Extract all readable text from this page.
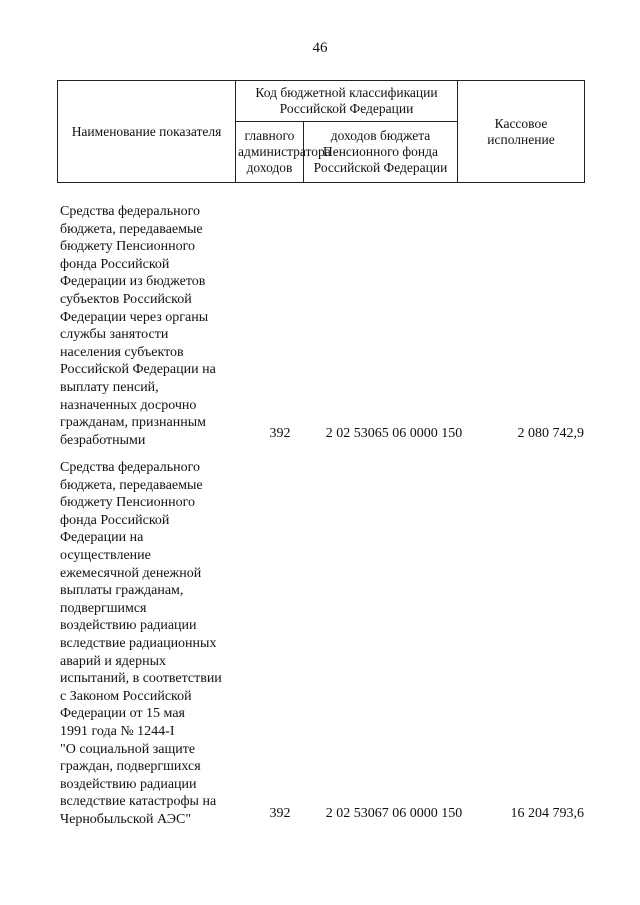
46
Наименование показателя	Код бюджетной классификации Российской Федерации		Кассовое исполнение
	главного администратора доходов	доходов бюджета Пенсионного фонда Российской Федерации	
Средства федерального
бюджета, передаваемые
бюджету Пенсионного
фонда Российской
Федерации из бюджетов
субъектов Российской
Федерации через органы
службы занятости
населения субъектов
Российской Федерации на
выплату пенсий,
назначенных досрочно
гражданам, признанным
безработными	392	2 02 53065 06 0000 150	2 080 742,9
Средства федерального
бюджета, передаваемые
бюджету Пенсионного
фонда Российской
Федерации на
осуществление
ежемесячной денежной
выплаты гражданам,
подвергшимся
воздействию радиации
вследствие радиационных
аварий и ядерных
испытаний, в соответствии
с Законом Российской
Федерации от 15 мая
1991 года № 1244-I
"О социальной защите
граждан, подвергшихся
воздействию радиации
вследствие катастрофы на
Чернобыльской АЭС"	392	2 02 53067 06 0000 150	16 204 793,6
